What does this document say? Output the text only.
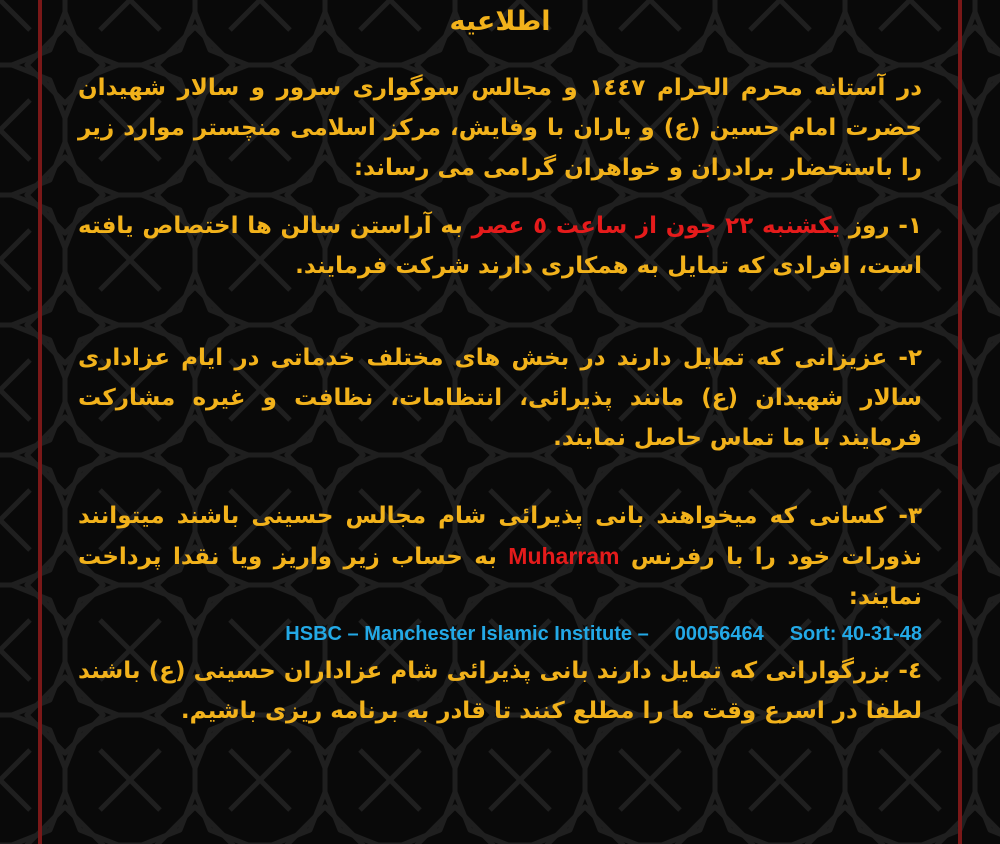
اطلاعیه

در آستانه محرم الحرام ۱٤٤٧ و مجالس سوگواری سرور و سالار شهیدان حضرت امام حسین (ع) و یاران با وفایش، مرکز اسلامی منچستر موارد زیر را باستحضار برادران و خواهران گرامی می رساند:

۱- روز یکشنبه ۲۲ جون از ساعت ٥ عصر به آراستن سالن ها اختصاص یافته است، افرادی که تمایل به همکاری دارند شرکت فرمایند.

۲- عزیزانی که تمایل دارند در بخش های مختلف خدماتی در ایام عزاداری سالار شهیدان (ع) مانند پذیرائی، انتظامات، نظافت و غیره مشارکت فرمایند با ما تماس حاصل نمایند.

۳- کسانی که میخواهند بانی پذیرائی شام مجالس حسینی باشند میتوانند نذورات خود را با رفرنس Muharram به حساب زیر واریز ویا نقدا پرداخت نمایند:

HSBC – Manchester Islamic Institute – 00056464 Sort: 40-31-48

٤- بزرگوارانی که تمایل دارند بانی پذیرائی شام عزاداران حسینی (ع) باشند لطفا در اسرع وقت ما را مطلع کنند تا قادر به برنامه ریزی باشیم.
